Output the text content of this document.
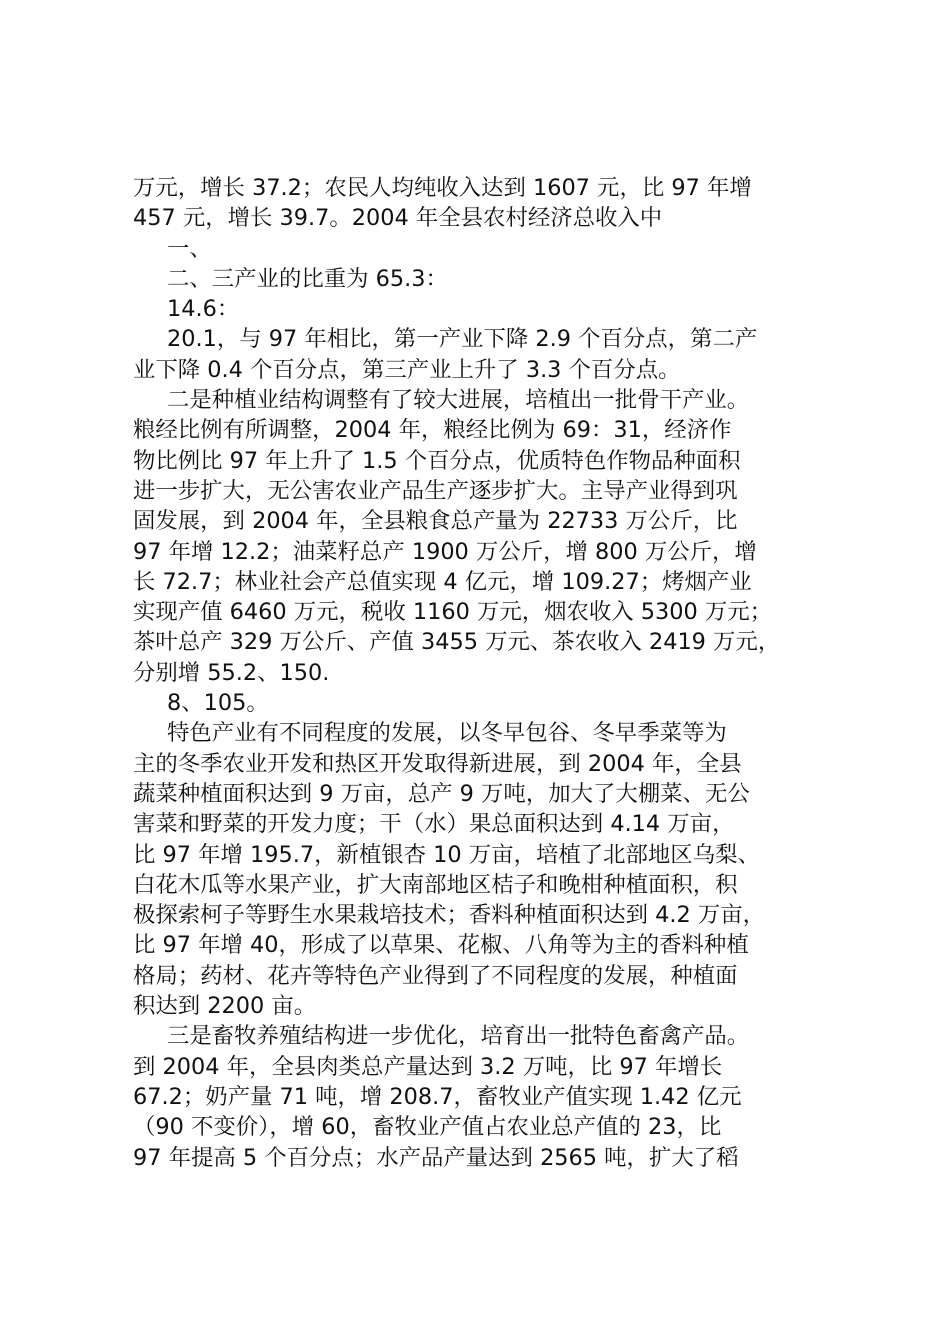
万元，增长 37.2；农民人均纯收入达到 1607 元，比 97 年增
457 元，增长 39.7。2004 年全县农村经济总收入中
一、
二、三产业的比重为 65.3：
14.6：
20.1，与 97 年相比，第一产业下降 2.9 个百分点，第二产
业下降 0.4 个百分点，第三产业上升了 3.3 个百分点。
二是种植业结构调整有了较大进展，培植出一批骨干产业。
粮经比例有所调整，2004 年，粮经比例为 69：31，经济作
物比例比 97 年上升了 1.5 个百分点，优质特色作物品种面积
进一步扩大，无公害农业产品生产逐步扩大。主导产业得到巩
固发展，到 2004 年，全县粮食总产量为 22733 万公斤，比
97 年增 12.2；油菜籽总产 1900 万公斤，增 800 万公斤，增
长 72.7；林业社会产总值实现 4 亿元，增 109.27；烤烟产业
实现产值 6460 万元，税收 1160 万元，烟农收入 5300 万元；
茶叶总产 329 万公斤、产值 3455 万元、茶农收入 2419 万元，
分别增 55.2、150.
8、105。
特色产业有不同程度的发展，以冬早包谷、冬早季菜等为
主的冬季农业开发和热区开发取得新进展，到 2004 年，全县
蔬菜种植面积达到 9 万亩，总产 9 万吨，加大了大棚菜、无公
害菜和野菜的开发力度；干（水）果总面积达到 4.14 万亩，
比 97 年增 195.7，新植银杏 10 万亩，培植了北部地区乌梨、
白花木瓜等水果产业，扩大南部地区桔子和晚柑种植面积，积
极探索柯子等野生水果栽培技术；香料种植面积达到 4.2 万亩，
比 97 年增 40，形成了以草果、花椒、八角等为主的香料种植
格局；药材、花卉等特色产业得到了不同程度的发展，种植面
积达到 2200 亩。
三是畜牧养殖结构进一步优化，培育出一批特色畜禽产品。
到 2004 年，全县肉类总产量达到 3.2 万吨，比 97 年增长
67.2；奶产量 71 吨，增 208.7，畜牧业产值实现 1.42 亿元
（90 不变价），增 60，畜牧业产值占农业总产值的 23，比
97 年提高 5 个百分点；水产品产量达到 2565 吨，扩大了稻
